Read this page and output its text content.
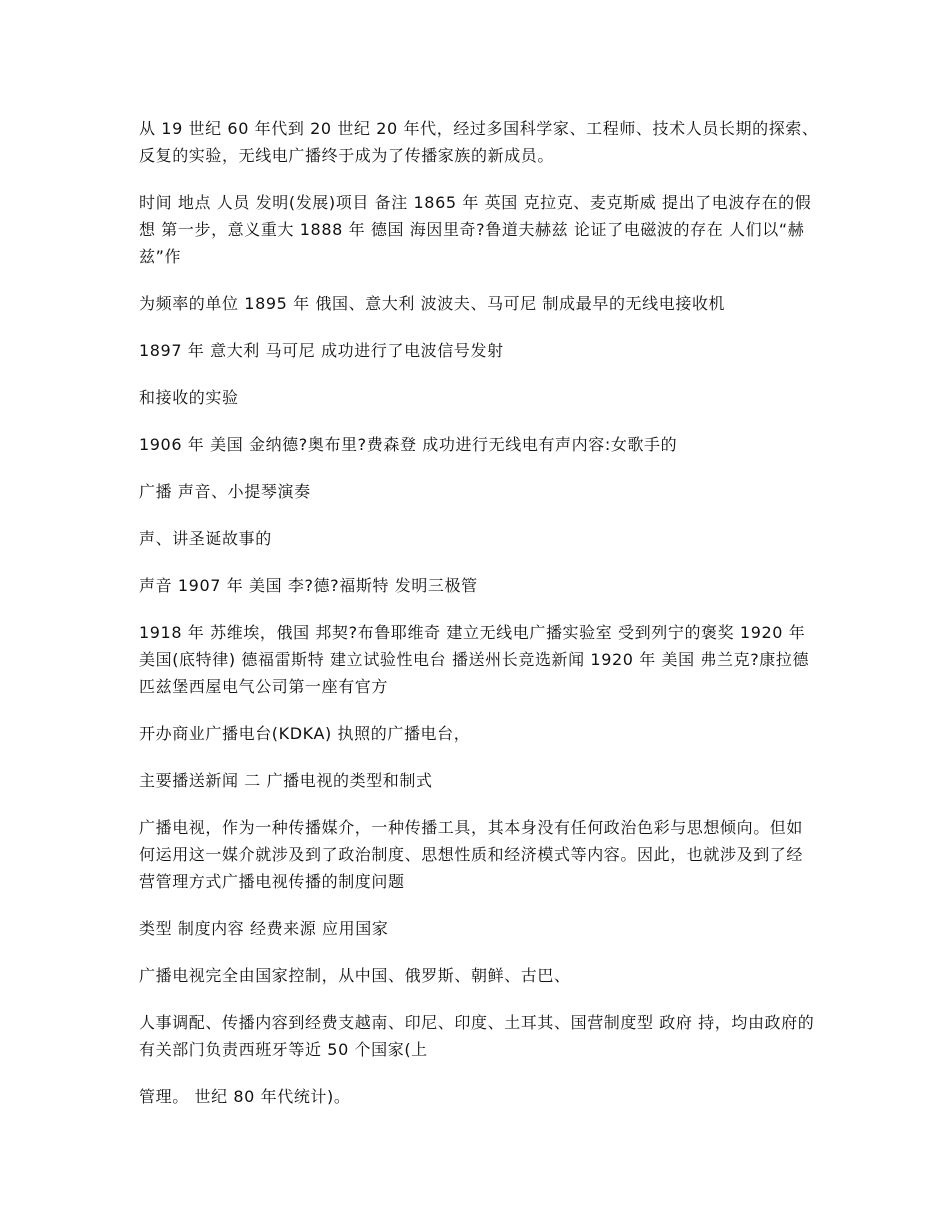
从 19 世纪 60 年代到 20 世纪 20 年代，经过多国科学家、工程师、技术人员长期的探索、反复的实验，无线电广播终于成为了传播家族的新成员。

时间 地点 人员 发明(发展)项目 备注 1865 年 英国 克拉克、麦克斯威 提出了电波存在的假想 第一步，意义重大 1888 年 德国 海因里奇?鲁道夫赫兹 论证了电磁波的存在 人们以“赫兹”作

为频率的单位 1895 年 俄国、意大利 波波夫、马可尼 制成最早的无线电接收机

1897 年 意大利 马可尼 成功进行了电波信号发射

和接收的实验

1906 年 美国 金纳德?奥布里?费森登 成功进行无线电有声内容:女歌手的

广播 声音、小提琴演奏

声、讲圣诞故事的

声音 1907 年 美国 李?德?福斯特 发明三极管

1918 年 苏维埃，俄国 邦契?布鲁耶维奇 建立无线电广播实验室 受到列宁的褒奖 1920 年 美国(底特律) 德福雷斯特 建立试验性电台 播送州长竞选新闻 1920 年 美国 弗兰克?康拉德 匹兹堡西屋电气公司第一座有官方

开办商业广播电台(KDKA) 执照的广播电台，

主要播送新闻 二 广播电视的类型和制式

广播电视，作为一种传播媒介，一种传播工具，其本身没有任何政治色彩与思想倾向。但如何运用这一媒介就涉及到了政治制度、思想性质和经济模式等内容。因此，也就涉及到了经营管理方式广播电视传播的制度问题

类型 制度内容 经费来源 应用国家

广播电视完全由国家控制，从中国、俄罗斯、朝鲜、古巴、

人事调配、传播内容到经费支越南、印尼、印度、土耳其、国营制度型 政府 持，均由政府的有关部门负责西班牙等近 50 个国家(上

管理。 世纪 80 年代统计)。
